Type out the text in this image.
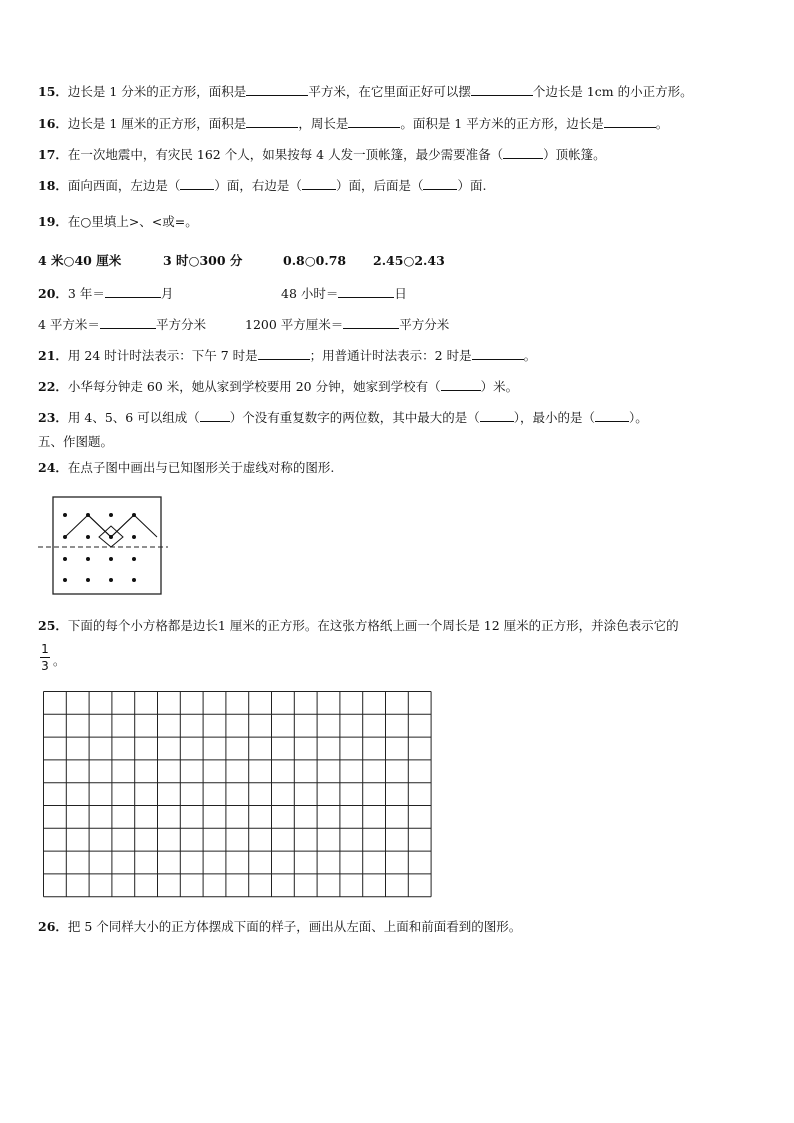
15．边长是 1 分米的正方形，面积是	平方米，在它里面正好可以摆	个边长是 1cm 的小正方形。
16．边长是 1 厘米的正方形，面积是	，周长是	。面积是 1 平方米的正方形，边长是	。
17．在一次地震中，有灾民 162 个人，如果按每 4 人发一顶帐篷，最少需要准备（	）顶帐篷。
18．面向西面，左边是（	）面，右边是（	）面，后面是（	）面.
19．在○里填上>、<或=。
4 米○40 厘米	3 时○300 分	0.8○0.78 2.45○2.43
20．3 年＝	月	48 小时＝	日
4 平方米＝	平方分米	1200 平方厘米＝	平方分米
21．用 24 时计时法表示：下午 7 时是	；用普通计时法表示：2 时是	。
22．小华每分钟走 60 米，她从家到学校要用 20 分钟，她家到学校有（	）米。
23．用 4、5、6 可以组成（ ）个没有重复数字的两位数，其中最大的是（	），最小的是（	）。
五、作图题。
24．在点子图中画出与已知图形关于虚线对称的图形.
25．下面的每个小方格都是边长1 厘米的正方形。在这张方格纸上画一个周长是 12 厘米的正方形，并涂色表示它的
1
3 。
26．把 5 个同样大小的正方体摆成下面的样子，画出从左面、上面和前面看到的图形。
